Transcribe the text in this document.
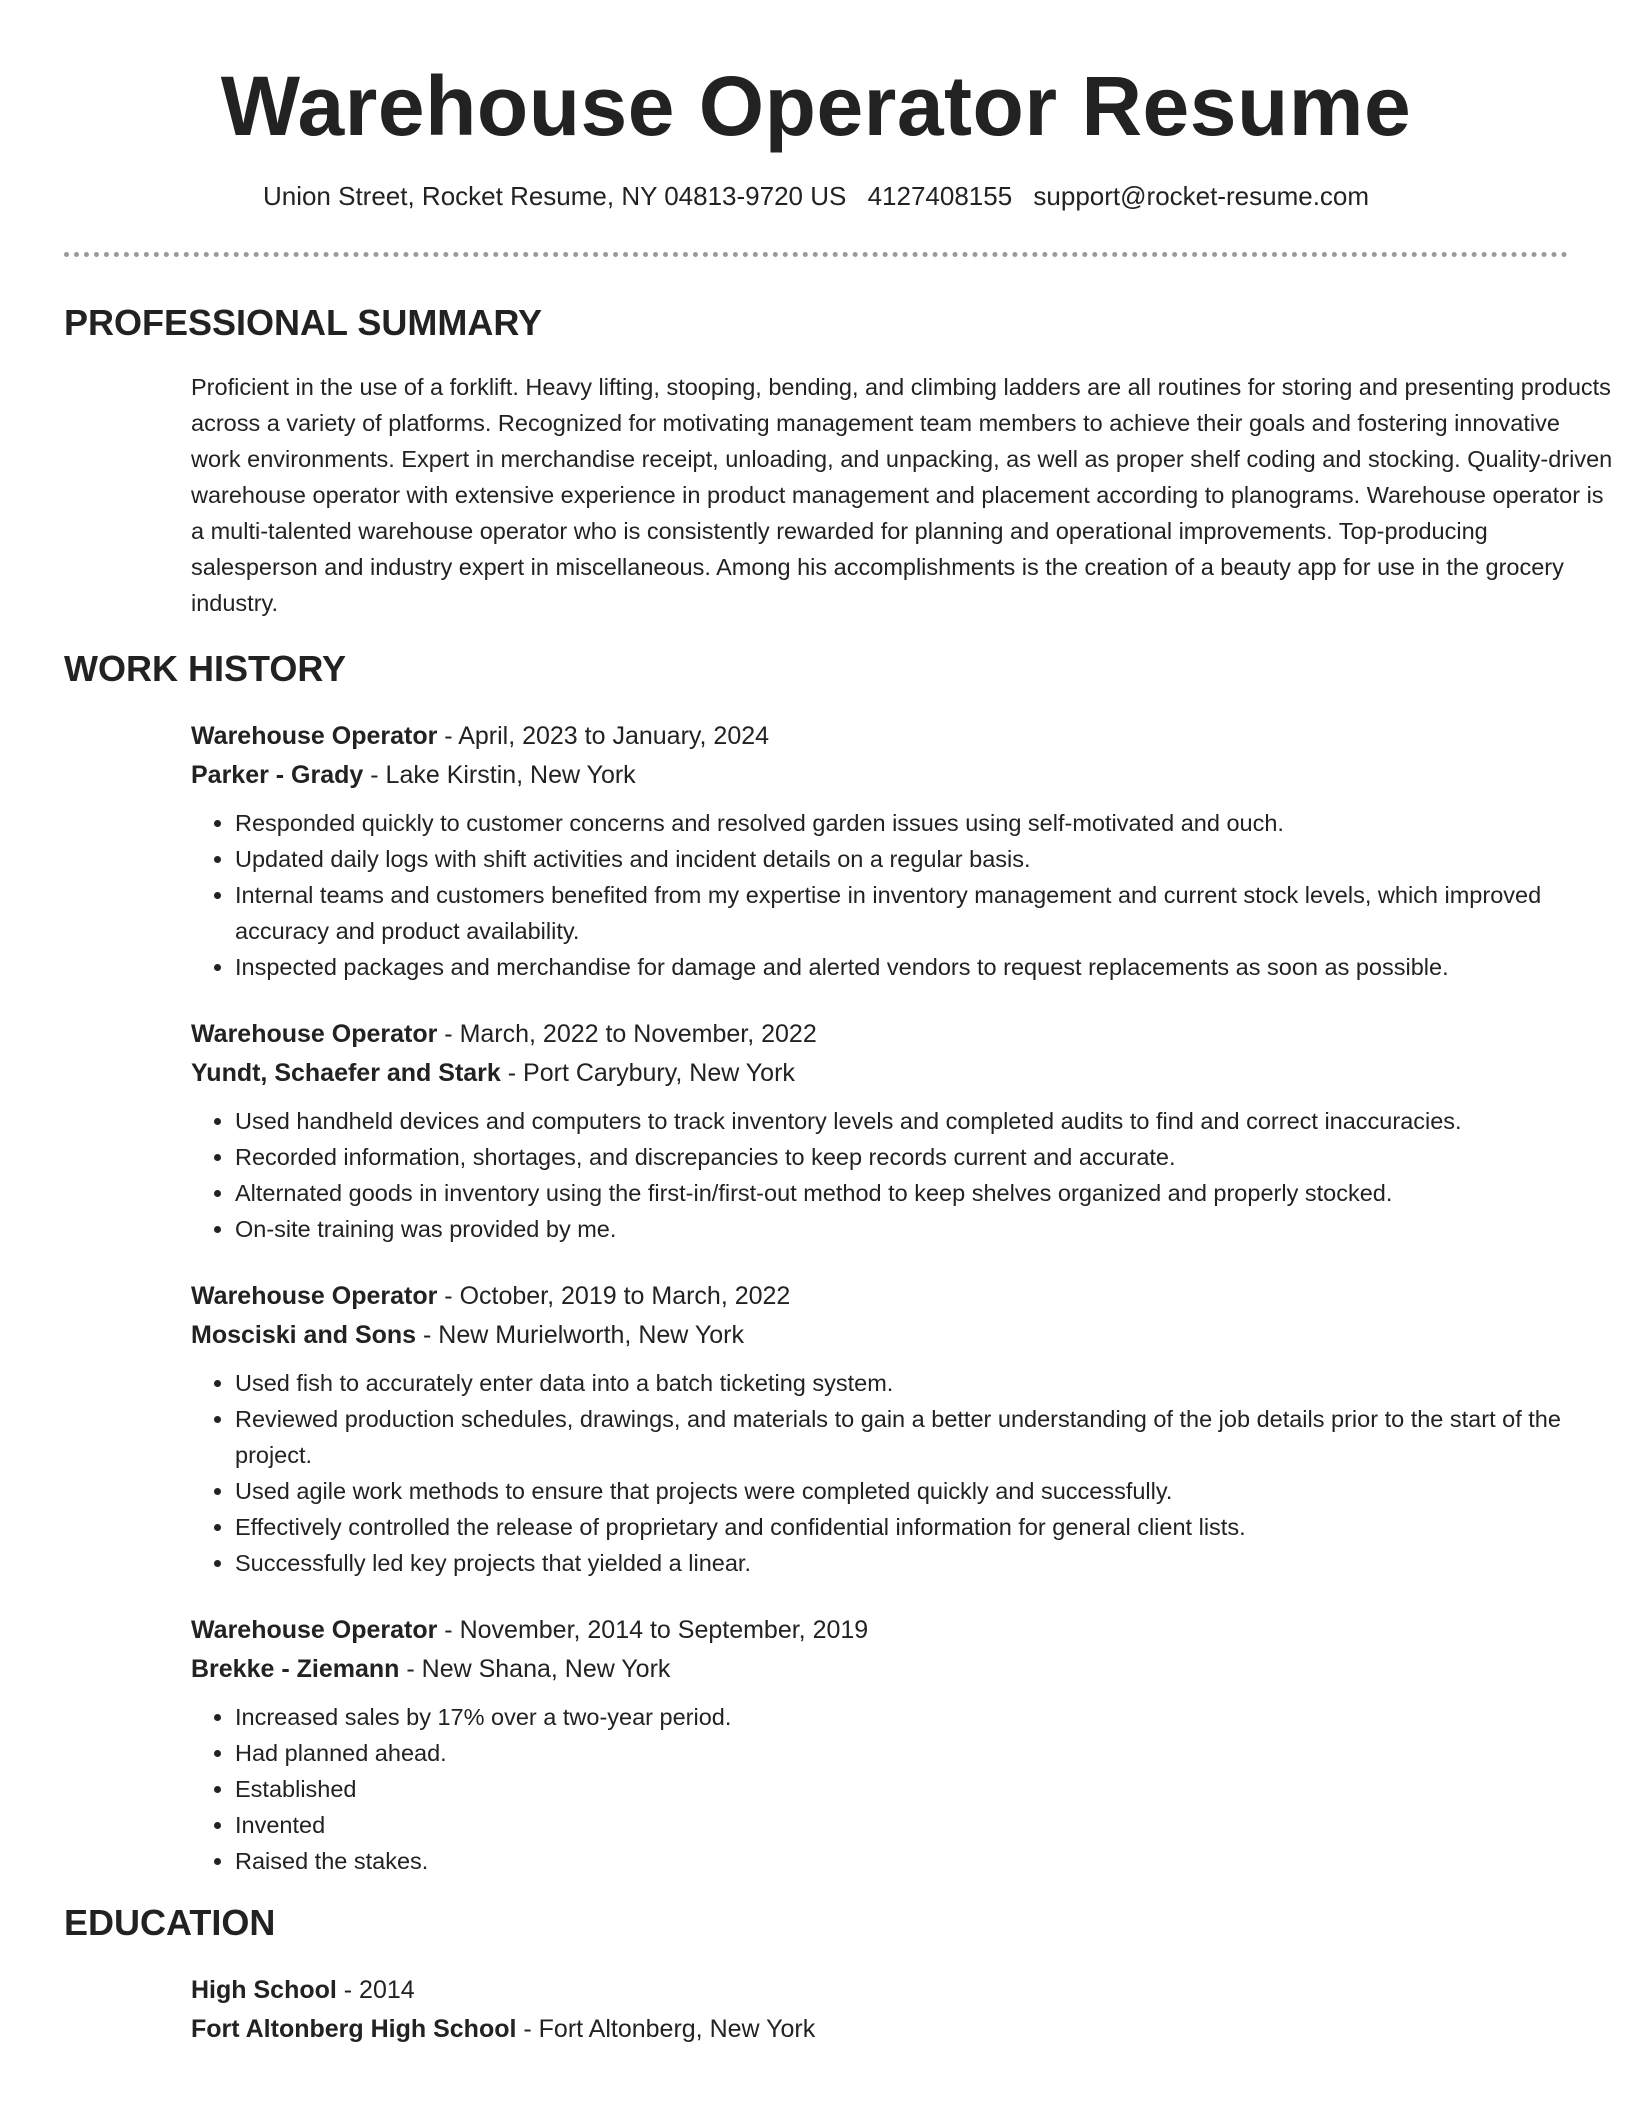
Warehouse Operator Resume
Union Street, Rocket Resume, NY 04813-9720 US 4127408155 support@rocket-resume.com
PROFESSIONAL SUMMARY

Proficient in the use of a forklift. Heavy lifting, stooping, bending, and climbing ladders are all routines for storing and presenting products across a variety of platforms. Recognized for motivating management team members to achieve their goals and fostering innovative work environments. Expert in merchandise receipt, unloading, and unpacking, as well as proper shelf coding and stocking. Quality-driven warehouse operator with extensive experience in product management and placement according to planograms. Warehouse operator is a multi-talented warehouse operator who is consistently rewarded for planning and operational improvements. Top-producing salesperson and industry expert in miscellaneous. Among his accomplishments is the creation of a beauty app for use in the grocery industry.

WORK HISTORY
Warehouse Operator - April, 2023 to January, 2024
Parker - Grady - Lake Kirstin, New York
• Responded quickly to customer concerns and resolved garden issues using self-motivated and ouch.
• Updated daily logs with shift activities and incident details on a regular basis.
• Internal teams and customers benefited from my expertise in inventory management and current stock levels, which improved accuracy and product availability.
• Inspected packages and merchandise for damage and alerted vendors to request replacements as soon as possible.
Warehouse Operator - March, 2022 to November, 2022
Yundt, Schaefer and Stark - Port Carybury, New York
• Used handheld devices and computers to track inventory levels and completed audits to find and correct inaccuracies.
• Recorded information, shortages, and discrepancies to keep records current and accurate.
• Alternated goods in inventory using the first-in/first-out method to keep shelves organized and properly stocked.
• On-site training was provided by me.
Warehouse Operator - October, 2019 to March, 2022
Mosciski and Sons - New Murielworth, New York
• Used fish to accurately enter data into a batch ticketing system.
• Reviewed production schedules, drawings, and materials to gain a better understanding of the job details prior to the start of the project.
• Used agile work methods to ensure that projects were completed quickly and successfully.
• Effectively controlled the release of proprietary and confidential information for general client lists.
• Successfully led key projects that yielded a linear.
Warehouse Operator - November, 2014 to September, 2019
Brekke - Ziemann - New Shana, New York
• Increased sales by 17% over a two-year period.
• Had planned ahead.
• Established
• Invented
• Raised the stakes.
EDUCATION
High School - 2014
Fort Altonberg High School - Fort Altonberg, New York
